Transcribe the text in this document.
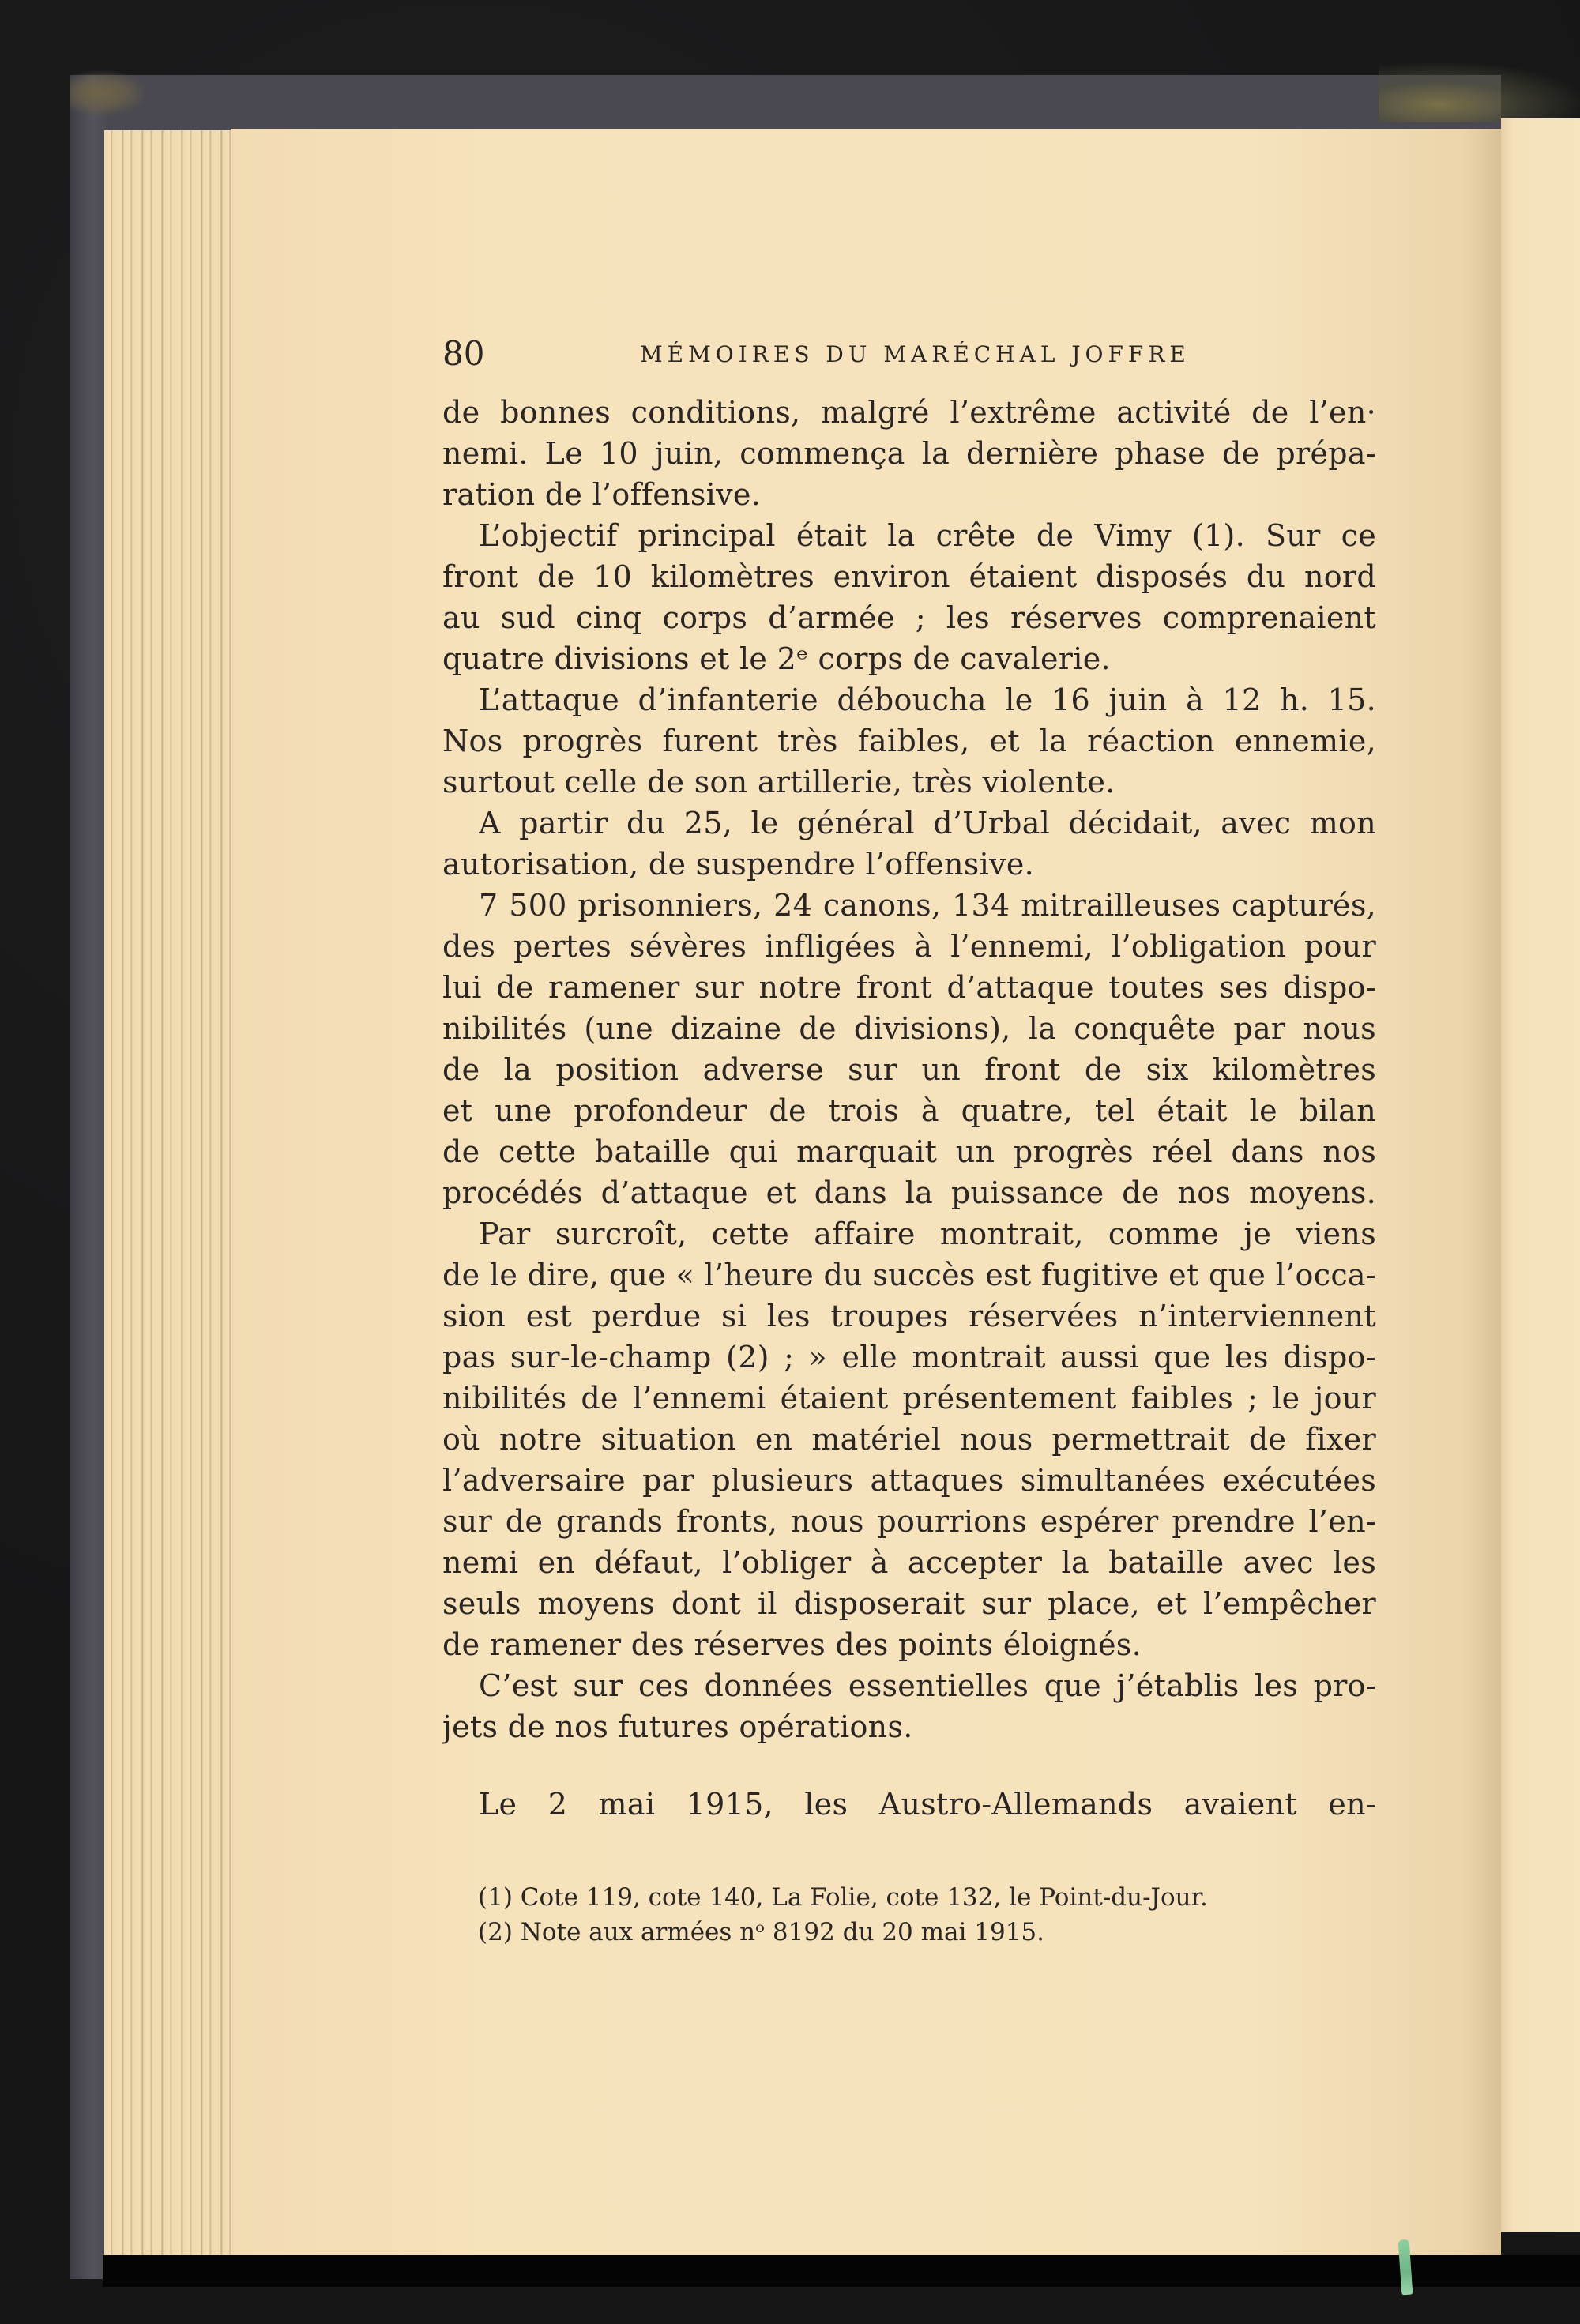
80	MÉMOIRES DU MARÉCHAL JOFFRE
de bonnes conditions, malgré l’extrême activité de l’en·
nemi. Le 10 juin, commença la dernière phase de prépa-
ration de l’offensive.
L’objectif principal était la crête de Vimy (1). Sur ce
front de 10 kilomètres environ étaient disposés du nord
au sud cinq corps d’armée ; les réserves comprenaient
quatre divisions et le 2ᵉ corps de cavalerie.
L’attaque d’infanterie déboucha le 16 juin à 12 h. 15.
Nos progrès furent très faibles, et la réaction ennemie,
surtout celle de son artillerie, très violente.
A partir du 25, le général d’Urbal décidait, avec mon
autorisation, de suspendre l’offensive.
7 500 prisonniers, 24 canons, 134 mitrailleuses capturés,
des pertes sévères infligées à l’ennemi, l’obligation pour
lui de ramener sur notre front d’attaque toutes ses dispo-
nibilités (une dizaine de divisions), la conquête par nous
de la position adverse sur un front de six kilomètres
et une profondeur de trois à quatre, tel était le bilan
de cette bataille qui marquait un progrès réel dans nos
procédés d’attaque et dans la puissance de nos moyens.
Par surcroît, cette affaire montrait, comme je viens
de le dire, que « l’heure du succès est fugitive et que l’occa-
sion est perdue si les troupes réservées n’interviennent
pas sur-le-champ (2) ; » elle montrait aussi que les dispo-
nibilités de l’ennemi étaient présentement faibles ; le jour
où notre situation en matériel nous permettrait de fixer
l’adversaire par plusieurs attaques simultanées exécutées
sur de grands fronts, nous pourrions espérer prendre l’en-
nemi en défaut, l’obliger à accepter la bataille avec les
seuls moyens dont il disposerait sur place, et l’empêcher
de ramener des réserves des points éloignés.
C’est sur ces données essentielles que j’établis les pro-
jets de nos futures opérations.
Le 2 mai 1915, les Austro-Allemands avaient en-
(1) Cote 119, cote 140, La Folie, cote 132, le Point-du-Jour.
(2) Note aux armées nᵒ 8192 du 20 mai 1915.
